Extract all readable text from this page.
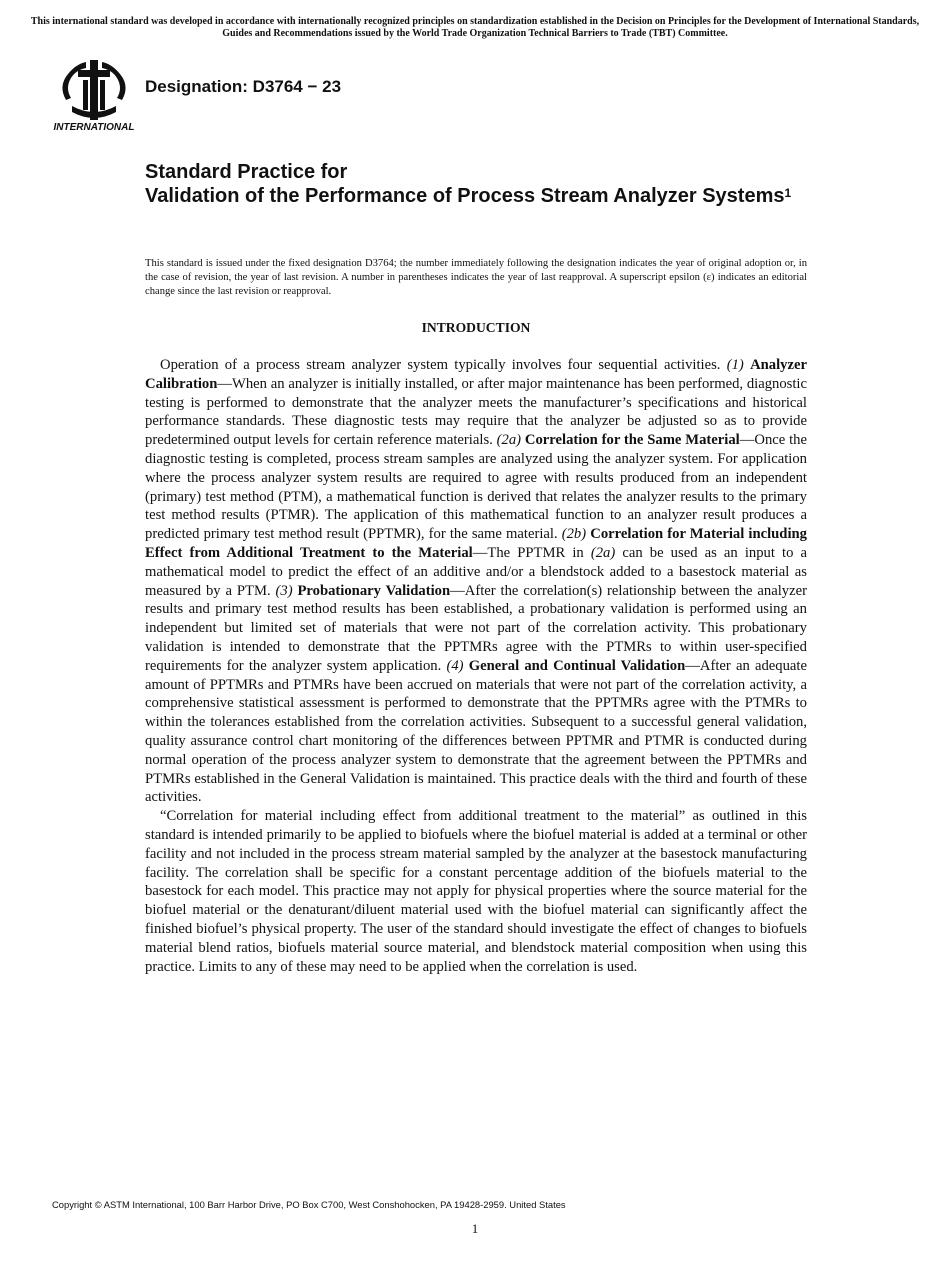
This international standard was developed in accordance with internationally recognized principles on standardization established in the Decision on Principles for the Development of International Standards, Guides and Recommendations issued by the World Trade Organization Technical Barriers to Trade (TBT) Committee.
INTERNATIONAL
Designation: D3764 − 23
Standard Practice for
Validation of the Performance of Process Stream Analyzer Systems$^1$
This standard is issued under the fixed designation D3764; the number immediately following the designation indicates the year of original adoption or, in the case of revision, the year of last revision. A number in parentheses indicates the year of last reapproval. A superscript epsilon (ε) indicates an editorial change since the last revision or reapproval.
INTRODUCTION

Operation of a process stream analyzer system typically involves four sequential activities. (1) Analyzer Calibration—When an analyzer is initially installed, or after major maintenance has been performed, diagnostic testing is performed to demonstrate that the analyzer meets the manufacturer’s specifications and historical performance standards. These diagnostic tests may require that the analyzer be adjusted so as to provide predetermined output levels for certain reference materials. (2a) Correlation for the Same Material—Once the diagnostic testing is completed, process stream samples are analyzed using the analyzer system. For application where the process analyzer system results are required to agree with results produced from an independent (primary) test method (PTM), a mathematical function is derived that relates the analyzer results to the primary test method results (PTMR). The application of this mathematical function to an analyzer result produces a predicted primary test method result (PPTMR), for the same material. (2b) Correlation for Material including Effect from Additional Treatment to the Material—The PPTMR in (2a) can be used as an input to a mathematical model to predict the effect of an additive and/or a blendstock added to a basestock material as measured by a PTM. (3) Probationary Validation—After the correlation(s) relationship between the analyzer results and primary test method results has been established, a probationary validation is performed using an independent but limited set of materials that were not part of the correlation activity. This probationary validation is intended to demonstrate that the PPTMRs agree with the PTMRs to within user-specified requirements for the analyzer system application. (4) General and Continual Validation—After an adequate amount of PPTMRs and PTMRs have been accrued on materials that were not part of the correlation activity, a comprehensive statistical assessment is performed to demonstrate that the PPTMRs agree with the PTMRs to within the tolerances established from the correlation activities. Subsequent to a successful general validation, quality assurance control chart monitoring of the differences between PPTMR and PTMR is conducted during normal operation of the process analyzer system to demonstrate that the agreement between the PPTMRs and PTMRs established in the General Validation is maintained. This practice deals with the third and fourth of these activities.

“Correlation for material including effect from additional treatment to the material” as outlined in this standard is intended primarily to be applied to biofuels where the biofuel material is added at a terminal or other facility and not included in the process stream material sampled by the analyzer at the basestock manufacturing facility. The correlation shall be specific for a constant percentage addition of the biofuels material to the basestock for each model. This practice may not apply for physical properties where the source material for the biofuel material or the denaturant/diluent material used with the biofuel material can significantly affect the finished biofuel’s physical property. The user of the standard should investigate the effect of changes to biofuels material blend ratios, biofuels material source material, and blendstock material composition when using this practice. Limits to any of these may need to be applied when the correlation is used.

Copyright © ASTM International, 100 Barr Harbor Drive, PO Box C700, West Conshohocken, PA 19428-2959. United States
1
